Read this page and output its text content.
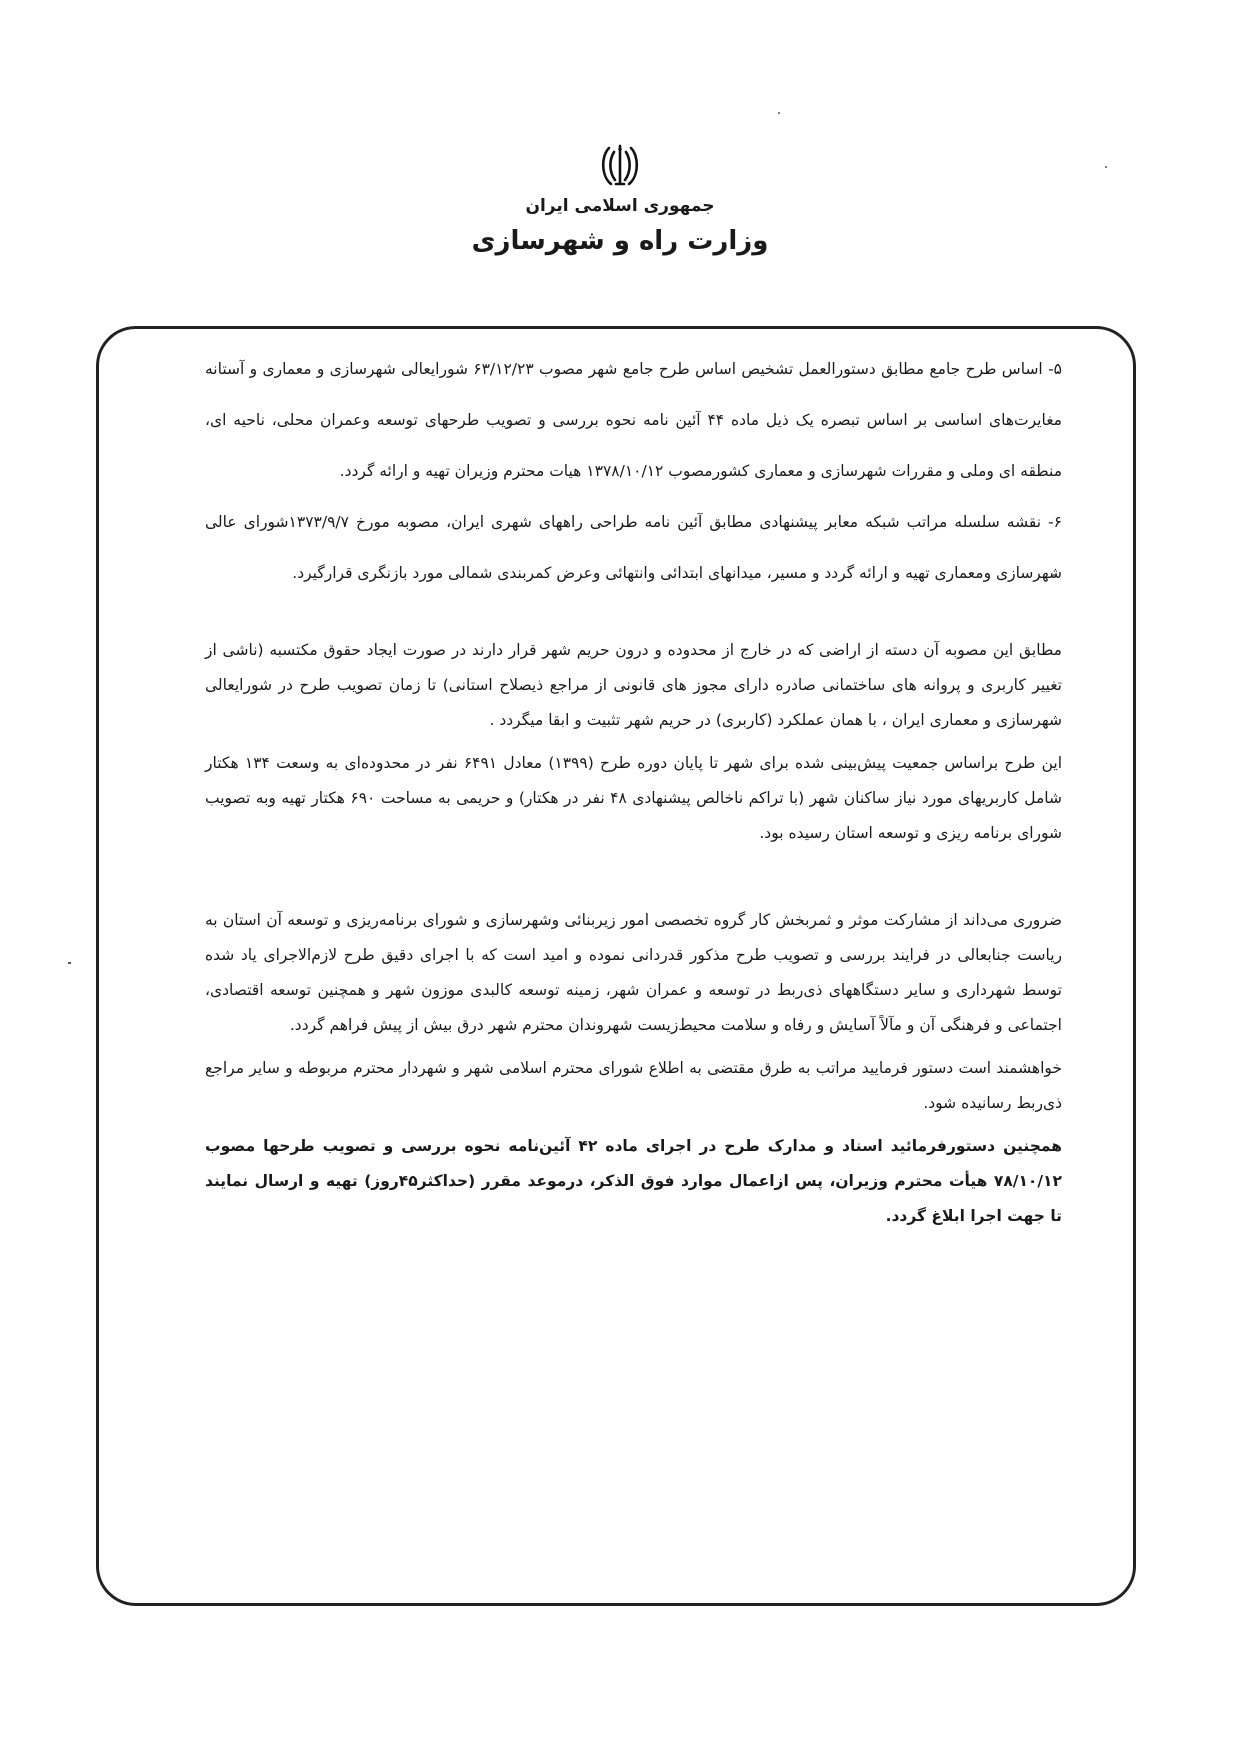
جمهوری اسلامی ایران
وزارت راه و شهرسازی

۵- اساس طرح جامع مطابق دستورالعمل تشخیص اساس طرح جامع شهر مصوب ۶۳/۱۲/۲۳ شورایعالی شهرسازی و معماری و آستانه مغایرت‌های اساسی بر اساس تبصره یک ذیل ماده ۴۴ آئین نامه نحوه بررسی و تصویب طرحهای توسعه وعمران محلی، ناحیه ای، منطقه ای وملی و مقررات شهرسازی و معماری کشورمصوب ۱۳۷۸/۱۰/۱۲ هیات محترم وزیران تهیه و ارائه گردد.

۶- نقشه سلسله مراتب شبکه معابر پیشنهادی مطابق آئین نامه طراحی راههای شهری ایران، مصوبه مورخ ۱۳۷۳/۹/۷شورای عالی شهرسازی ومعماری تهیه و ارائه گردد و مسیر، میدانهای ابتدائی وانتهائی وعرض کمربندی شمالی مورد بازنگری قرارگیرد.

مطابق این مصوبه آن دسته از اراضی که در خارج از محدوده و درون حریم شهر قرار دارند در صورت ایجاد حقوق مکتسبه (ناشی از تغییر کاربری و پروانه های ساختمانی صادره دارای مجوز های قانونی از مراجع ذیصلاح استانی) تا زمان تصویب طرح در شورایعالی شهرسازی و معماری ایران ، با همان عملکرد (کاربری) در حریم شهر تثبیت و ابقا میگردد .

این طرح براساس جمعیت پیش‌بینی شده برای شهر تا پایان دوره طرح (۱۳۹۹) معادل ۶۴۹۱ نفر در محدوده‌ای به وسعت ۱۳۴ هکتار شامل کاربریهای مورد نیاز ساکنان شهر (با تراکم ناخالص پیشنهادی ۴۸ نفر در هکتار) و حریمی به مساحت ۶۹۰ هکتار تهیه وبه تصویب شورای برنامه ریزی و توسعه استان رسیده بود.

ضروری می‌داند از مشارکت موثر و ثمربخش کار گروه تخصصی امور زیربنائی وشهرسازی و شورای برنامه‌ریزی و توسعه آن استان به ریاست جنابعالی در فرایند بررسی و تصویب طرح مذکور قدردانی نموده و امید است که با اجرای دقیق طرح لازم‌الاجرای یاد شده توسط شهرداری و سایر دستگاههای ذی‌ربط در توسعه و عمران شهر، زمینه توسعه کالبدی موزون شهر و همچنین توسعه اقتصادی، اجتماعی و فرهنگی آن و مآلاً آسایش و رفاه و سلامت محیط‌زیست شهروندان محترم شهر درق بیش از پیش فراهم گردد.

خواهشمند است دستور فرمایید مراتب به طرق مقتضی به اطلاع شورای محترم اسلامی شهر و شهردار محترم مربوطه و سایر مراجع ذی‌ربط رسانیده شود.

همچنین دستورفرمائید اسناد و مدارک طرح در اجرای ماده ۴۲ آئین‌نامه نحوه بررسی و تصویب طرحها مصوب ۷۸/۱۰/۱۲ هیأت محترم وزیران، پس ازاعمال موارد فوق الذکر، درموعد مقرر (حداکثر۴۵روز) تهیه و ارسال نمایند تا جهت اجرا ابلاغ گردد.
